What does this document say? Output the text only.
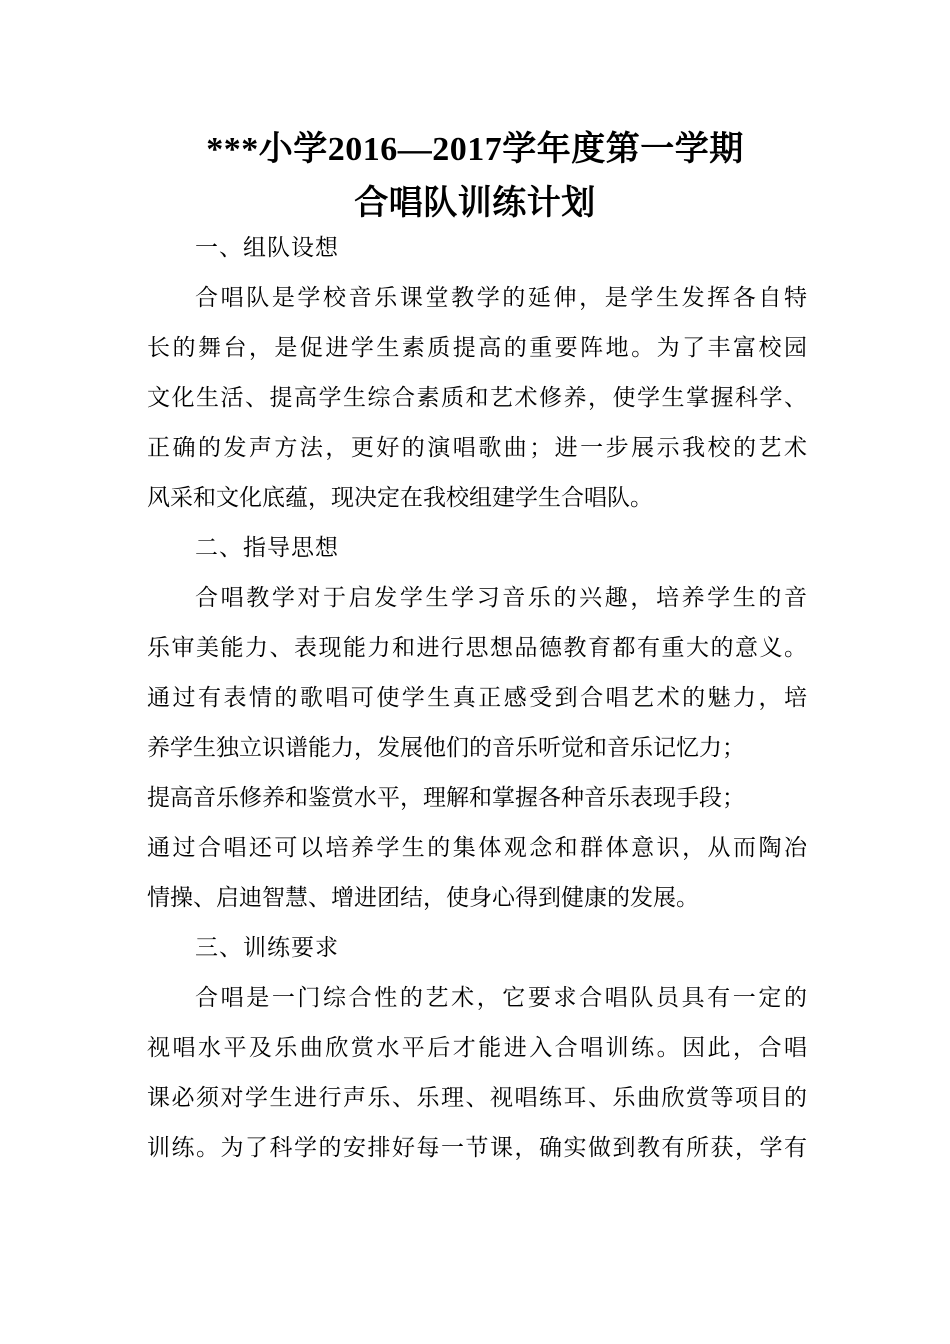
***小学2016—2017学年度第一学期
合唱队训练计划
一、组队设想
合唱队是学校音乐课堂教学的延伸，是学生发挥各自特
长的舞台，是促进学生素质提高的重要阵地。为了丰富校园
文化生活、提高学生综合素质和艺术修养，使学生掌握科学、
正确的发声方法，更好的演唱歌曲；进一步展示我校的艺术
风采和文化底蕴，现决定在我校组建学生合唱队。
二、指导思想
合唱教学对于启发学生学习音乐的兴趣，培养学生的音
乐审美能力、表现能力和进行思想品德教育都有重大的意义。
通过有表情的歌唱可使学生真正感受到合唱艺术的魅力，培
养学生独立识谱能力，发展他们的音乐听觉和音乐记忆力；
提高音乐修养和鉴赏水平，理解和掌握各种音乐表现手段；
通过合唱还可以培养学生的集体观念和群体意识，从而陶冶
情操、启迪智慧、增进团结，使身心得到健康的发展。
三、训练要求
合唱是一门综合性的艺术，它要求合唱队员具有一定的
视唱水平及乐曲欣赏水平后才能进入合唱训练。因此，合唱
课必须对学生进行声乐、乐理、视唱练耳、乐曲欣赏等项目的
训练。为了科学的安排好每一节课，确实做到教有所获，学有
